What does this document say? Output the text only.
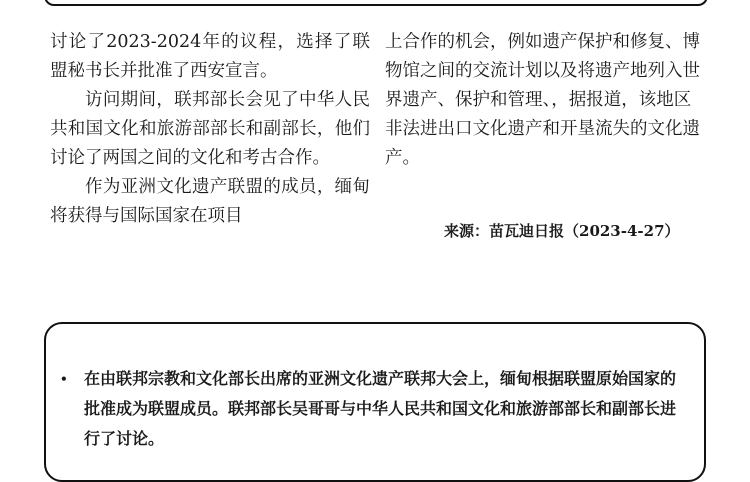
讨论了2023-2024年的议程，选择了联盟秘书长并批准了西安宣言。

访问期间，联邦部长会见了中华人民共和国文化和旅游部部长和副部长，他们讨论了两国之间的文化和考古合作。

作为亚洲文化遗产联盟的成员，缅甸将获得与国际国家在项目

上合作的机会，例如遗产保护和修复、博物馆之间的交流计划以及将遗产地列入世界遗产、保护和管理、，据报道，该地区非法进出口文化遗产和开垦流失的文化遗产。

来源：苗瓦迪日报（2023-4-27）
•	在由联邦宗教和文化部长出席的亚洲文化遗产联邦大会上，缅甸根据联盟原始国家的批准成为联盟成员。联邦部长吴哥哥与中华人民共和国文化和旅游部部长和副部长进行了讨论。
